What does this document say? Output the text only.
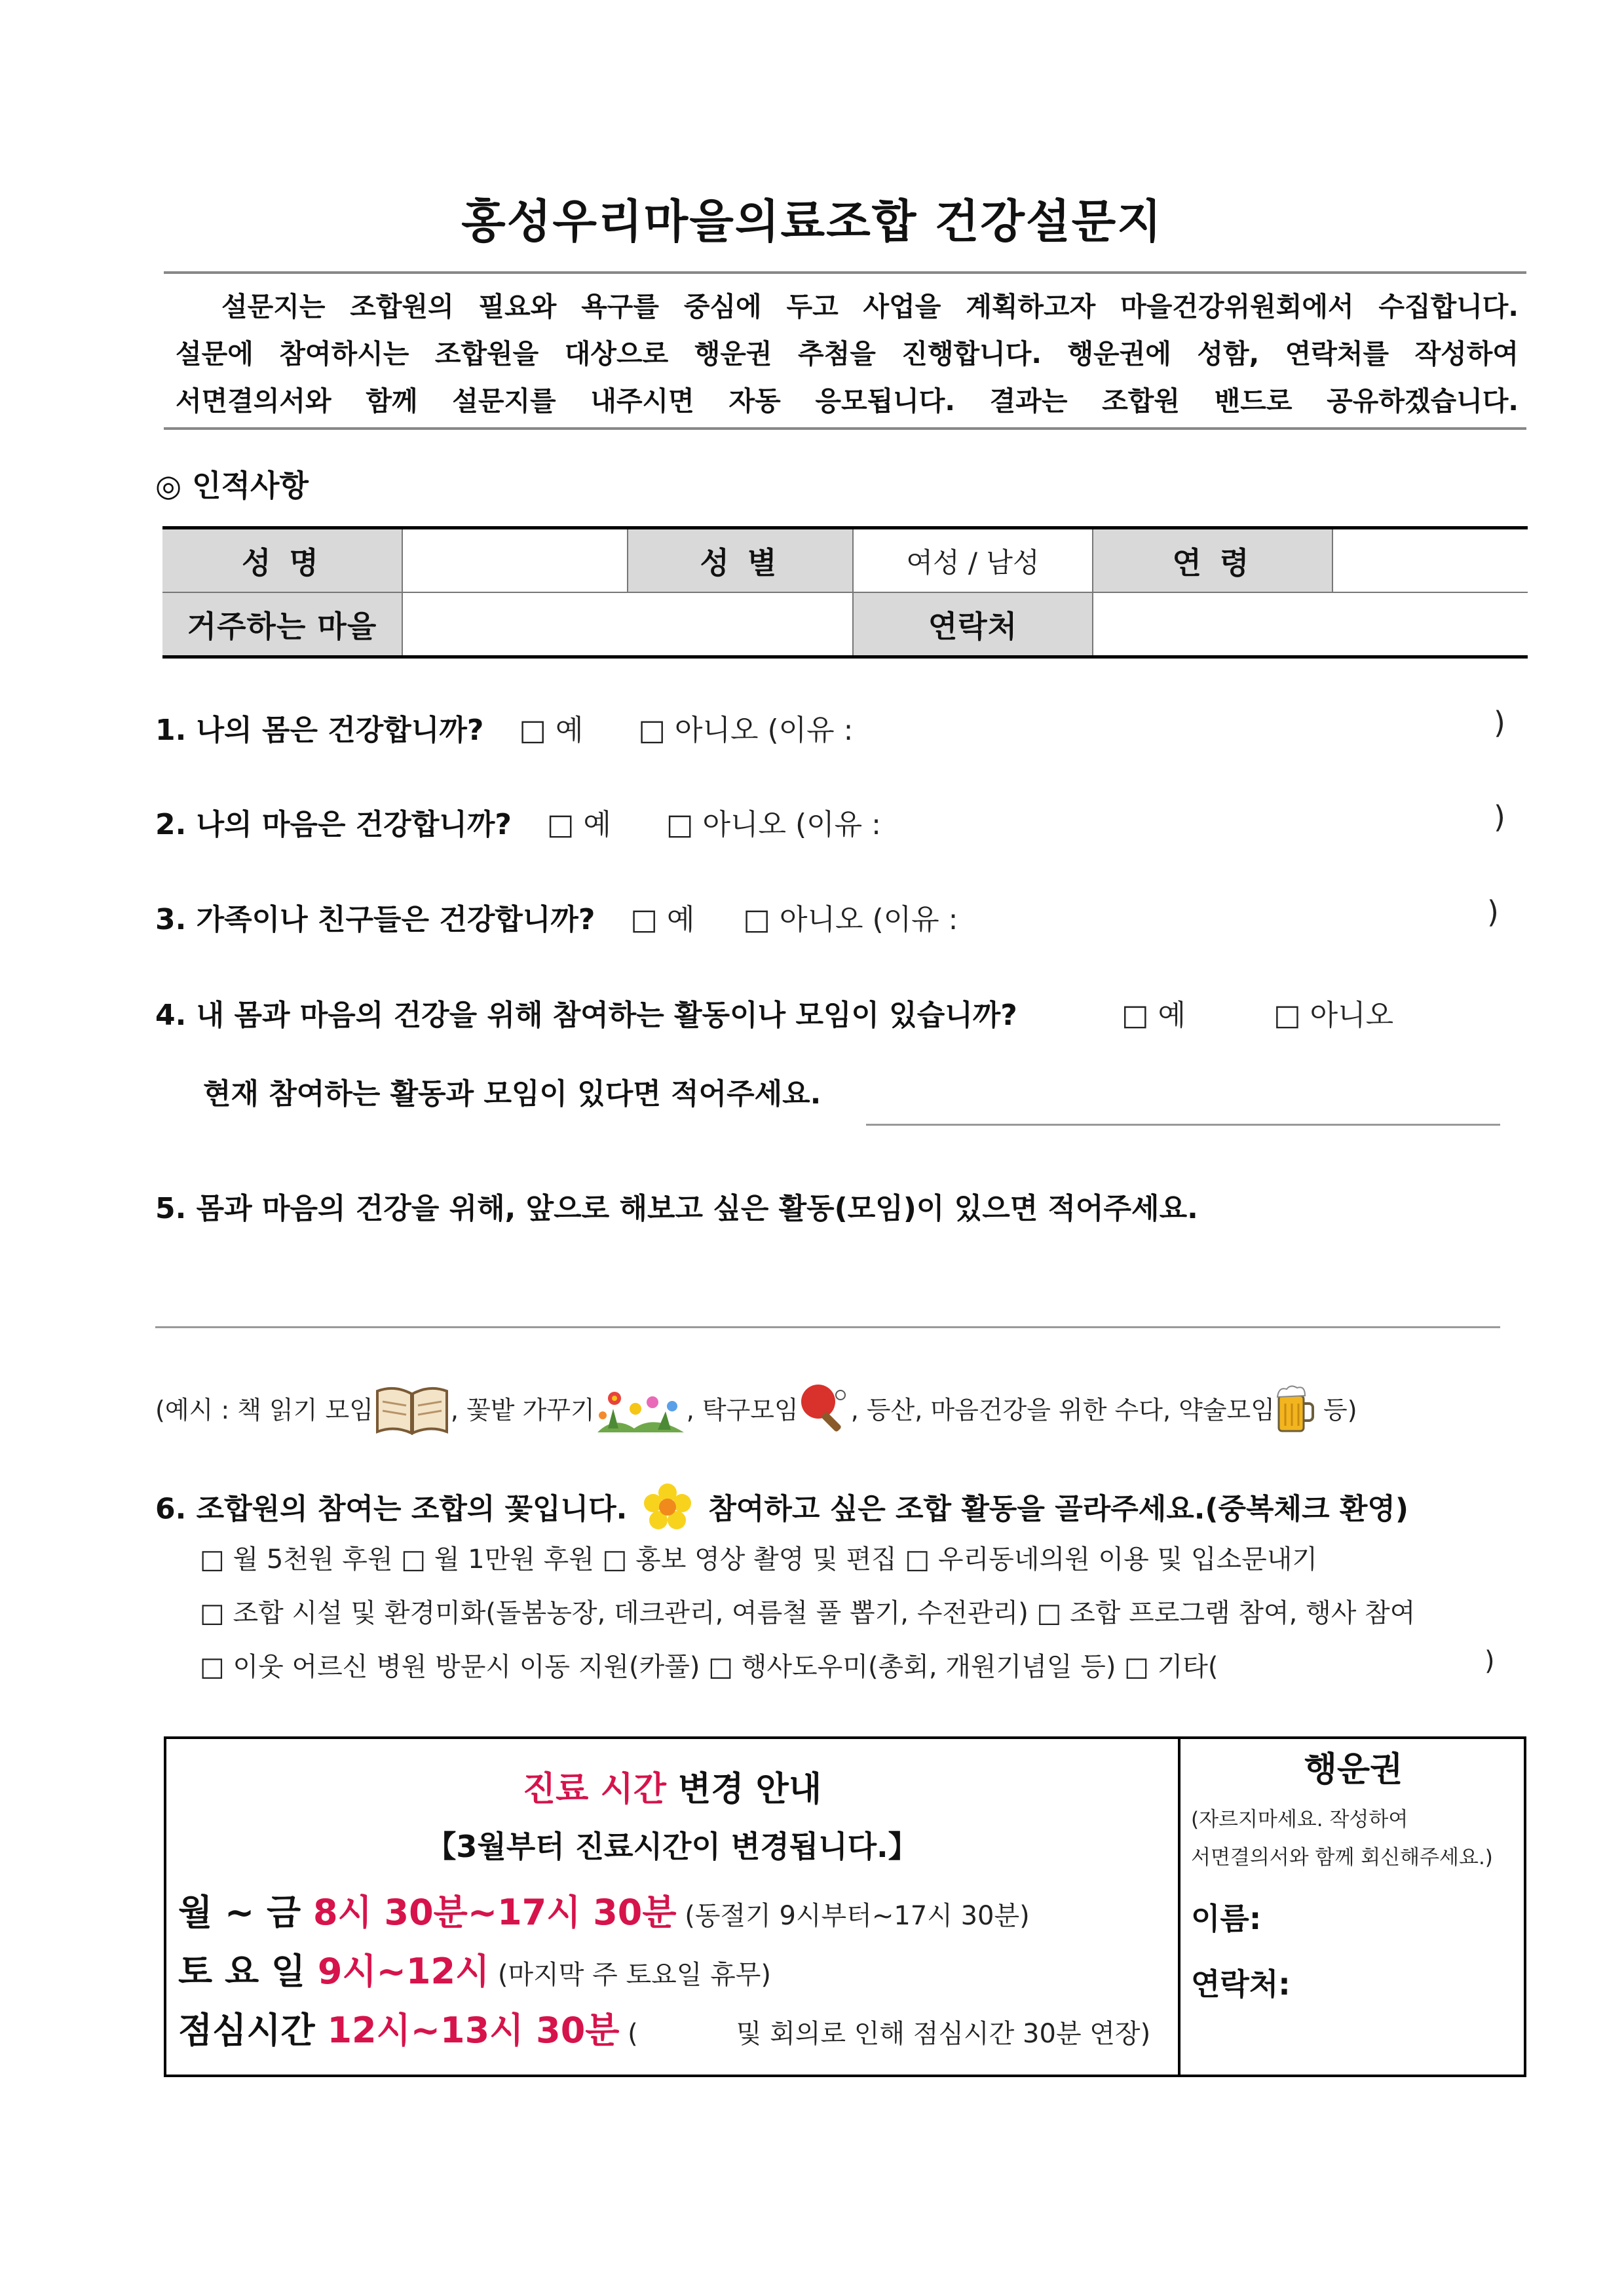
홍성우리마을의료조합 건강설문지

설문지는 조합원의 필요와 욕구를 중심에 두고 사업을 계획하고자 마을건강위원회에서 수집합니다.

설문에 참여하시는 조합원을 대상으로 행운권 추첨을 진행합니다. 행운권에 성함, 연락처를 작성하여

서면결의서와 함께 설문지를 내주시면 자동 응모됩니다. 결과는 조합원 밴드로 공유하겠습니다.

◎ 인적사항
성 명		성 별	여성 / 남성	연 령	
거주하는 마을			연락처		
1. 나의 몸은 건강합니까? □ 예 □ 아니오 (이유 :	)
2. 나의 마음은 건강합니까? □ 예 □ 아니오 (이유 :	)
3. 가족이나 친구들은 건강합니까? □ 예 □ 아니오 (이유 :	)
4. 내 몸과 마음의 건강을 위해 참여하는 활동이나 모임이 있습니까?	□ 예	□ 아니오
현재 참여하는 활동과 모임이 있다면 적어주세요.
5. 몸과 마음의 건강을 위해, 앞으로 해보고 싶은 활동(모임)이 있으면 적어주세요.
(예시 : 책 읽기 모임	, 꽃밭 가꾸기	, 탁구모임 , 등산, 마음건강을 위한 수다, 약술모임 등)
6. 조합원의 참여는 조합의 꽃입니다.	참여하고 싶은 조합 활동을 골라주세요.(중복체크 환영)
□ 월 5천원 후원 □ 월 1만원 후원 □ 홍보 영상 촬영 및 편집 □ 우리동네의원 이용 및 입소문내기
□ 조합 시설 및 환경미화(돌봄농장, 데크관리, 여름철 풀 뽑기, 수전관리) □ 조합 프로그램 참여, 행사 참여
□ 이웃 어르신 병원 방문시 이동 지원(카풀) □ 행사도우미(총회, 개원기념일 등) □ 기타(	)
진료 시간 변경 안내
【3월부터 진료시간이 변경됩니다.】
월 ~ 금 8시 30분~17시 30분 (동절기 9시부터~17시 30분)
토 요 일 9시~12시 (마지막 주 토요일 휴무)
점심시간 12시~13시 30분 (	및 회의로 인해 점심시간 30분 연장)
행운권
(자르지마세요. 작성하여
서면결의서와 함께 회신해주세요.)
이름:
연락처:
